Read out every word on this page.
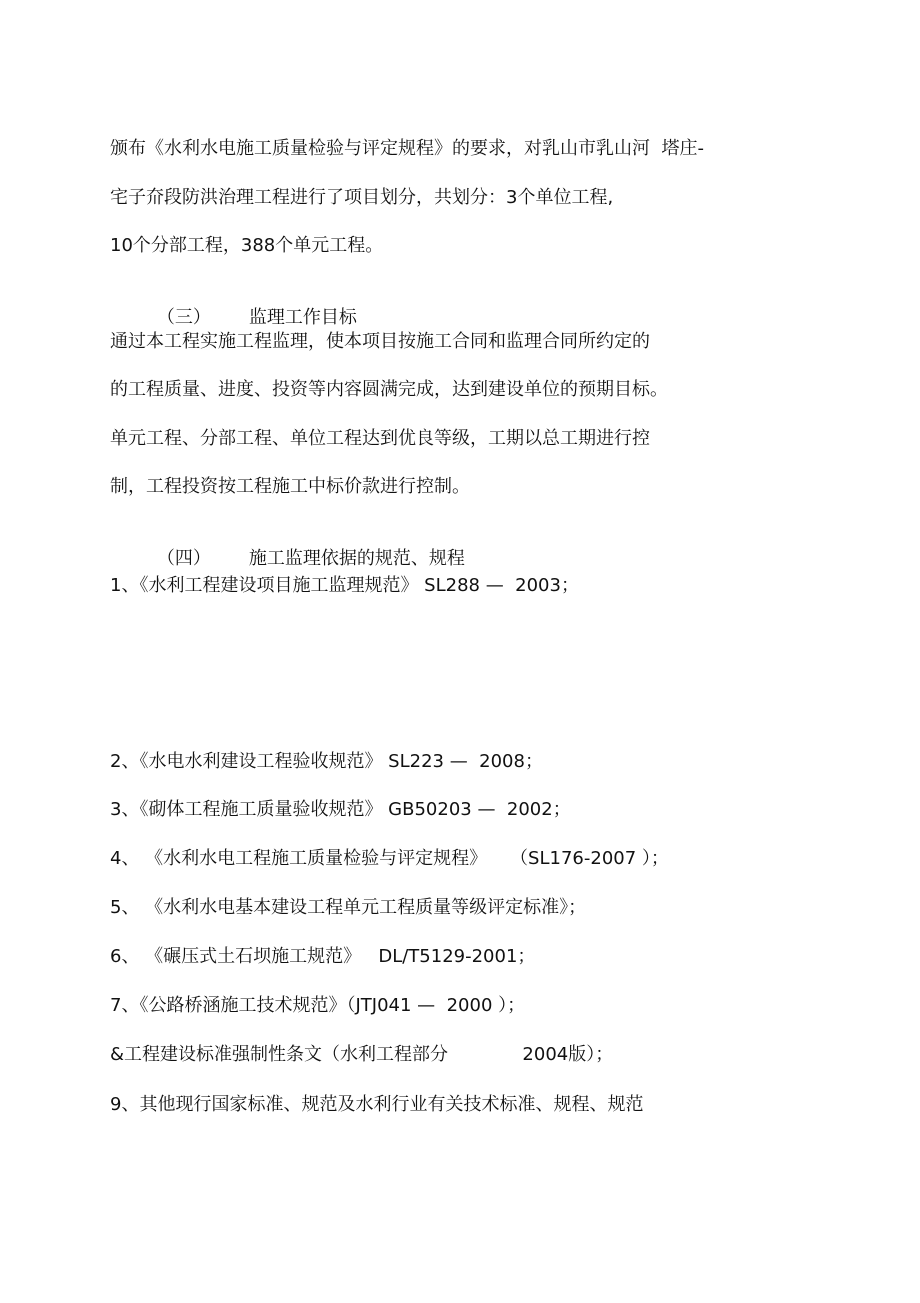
颁布《水利水电施工质量检验与评定规程》的要求，对乳山市乳山河  塔庄-
宅子夼段防洪治理工程进行了项目划分，共划分：3个单位工程,
10个分部工程，388个单元工程。

（三） 监理工作目标

通过本工程实施工程监理，使本项目按施工合同和监理合同所约定的
的工程质量、进度、投资等内容圆满完成，达到建设单位的预期目标。
单元工程、分部工程、单位工程达到优良等级，工期以总工期进行控
制，工程投资按工程施工中标价款进行控制。

（四） 施工监理依据的规范、规程

1、《水利工程建设项目施工监理规范》 SL288 —  2003；
2、《水电水利建设工程验收规范》 SL223 —  2008；
3、《砌体工程施工质量验收规范》 GB50203 —  2002；
4、 《水利水电工程施工质量检验与评定规程》    （SL176-2007 ）；
5、 《水利水电基本建设工程单元工程质量等级评定标准》；
6、 《碾压式土石坝施工规范》   DL/T5129-2001；
7、《公路桥涵施工技术规范》（JTJ041 —  2000 ）；
&工程建设标准强制性条文（水利工程部分             2004版）；
9、其他现行国家标准、规范及水利行业有关技术标准、规程、规范
